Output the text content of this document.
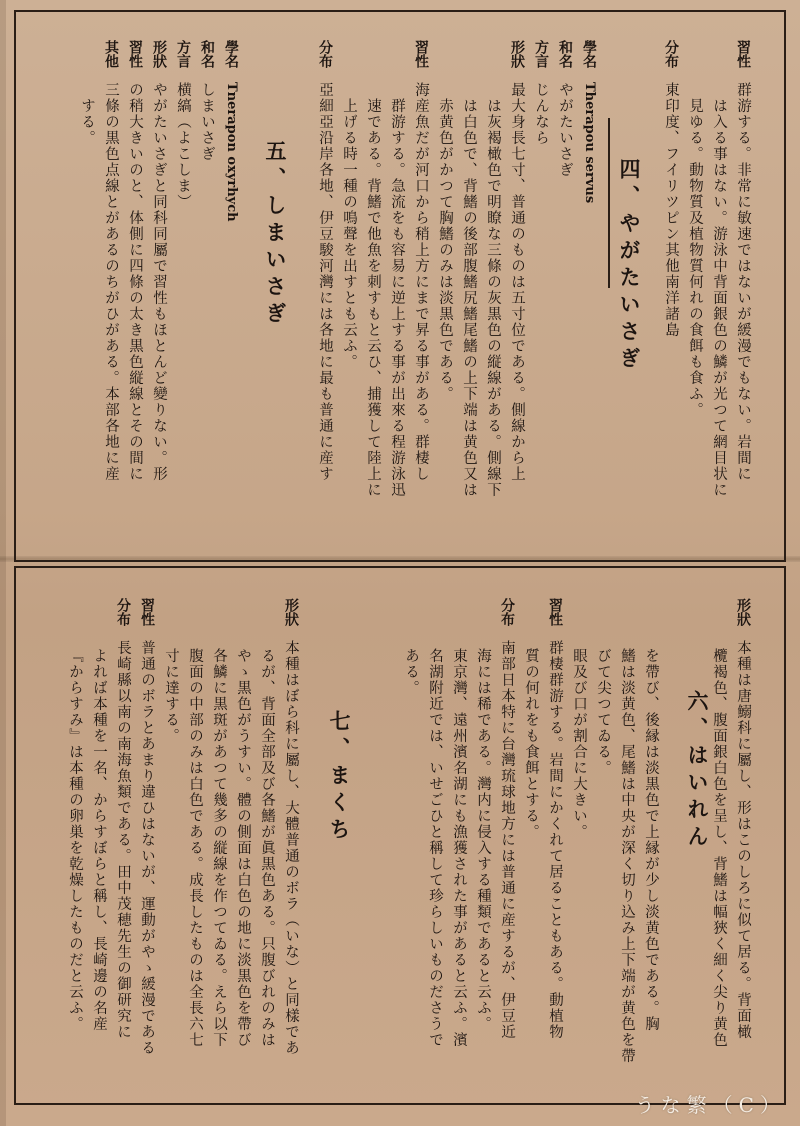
習性群游する。非常に敏速ではないが緩漫でもない。岩間に
は入る事はない。游泳中背面銀色の鱗が光つて網目状に
見ゆる。動物質及植物質何れの食餌も食ふ。
分布東印度、フイリツピン其他南洋諸島
四、やがたいさぎ
學名Therapou servus
和名やがたいさぎ
方言じんなら
形狀最大身長七寸、普通のものは五寸位である。側線から上
は灰褐橄色で明瞭な三條の灰黒色の縦線がある。側線下
は白色で、背鰭の後部腹鰭尻鰭尾鰭の上下端は黄色又は
赤黄色がかつて胸鰭のみは淡黒色である。
習性海産魚だが河口から稍上方にまで昇る事がある。群棲し
群游する。急流をも容易に逆上する事が出來る程游泳迅
速である。背鰭で他魚を刺すもと云ひ、捕獲して陸上に
上げる時一種の鳴聲を出すとも云ふ。
分布亞細亞沿岸各地、伊豆駿河灣には各地に最も普通に産す
五、しまいさぎ
學名Tnerapon oxyrhych
和名しまいさぎ
方言横縞（よこしま）
形狀やがたいさぎと同科同屬で習性もほとんど變りない。形
習性の稍大きいのと、体側に四條の太き黒色縦線とその間に
其他三條の黒色点線とがあるのちがひがある。本部各地に産
する。
形狀本種は唐鰯科に屬し、形はこのしろに似て居る。背面橄
欖褐色、腹面銀白色を呈し、背鰭は幅狹く細く尖り黄色
六、はいれん
を帶び、後縁は淡黒色で上縁が少し淡黄色である。胸
鰭は淡黄色、尾鰭は中央が深く切り込み上下端が黄色を帶
びて尖つてゐる。
眼及び口が割合に大きい。
習性群棲群游する。岩間にかくれて居ることもある。動植物
質の何れをも食餌とする。
分布南部日本特に台灣琉球地方には普通に産するが、伊豆近
海には稀である。灣内に侵入する種類であると云ふ。
東京灣、遠州濱名湖にも漁獲された事があると云ふ。濱
名湖附近では、いせごひと稱して珍らしいものださうで
ある。
七、まくち
形狀本種はぼら科に屬し、大體普通のボラ（いな）と同樣であ
るが、背面全部及び各鰭が眞黒色ある。只腹びれのみは
やゝ黒色がうすい。體の側面は白色の地に淡黒色を帶び
各鱗に黒斑があつて幾多の縦線を作つてゐる。えら以下
腹面の中部のみは白色である。成長したものは全長六七
寸に達する。
習性普通のボラとあまり違ひはないが、運動がやゝ緩漫である
分布長崎縣以南の南海魚類である。田中茂穂先生の御研究に
よれば本種を一名、からすぼらと稱し、長崎邊の名産
『からすみ』は本種の卵巣を乾燥したものだと云ふ。
うな繁（C）
